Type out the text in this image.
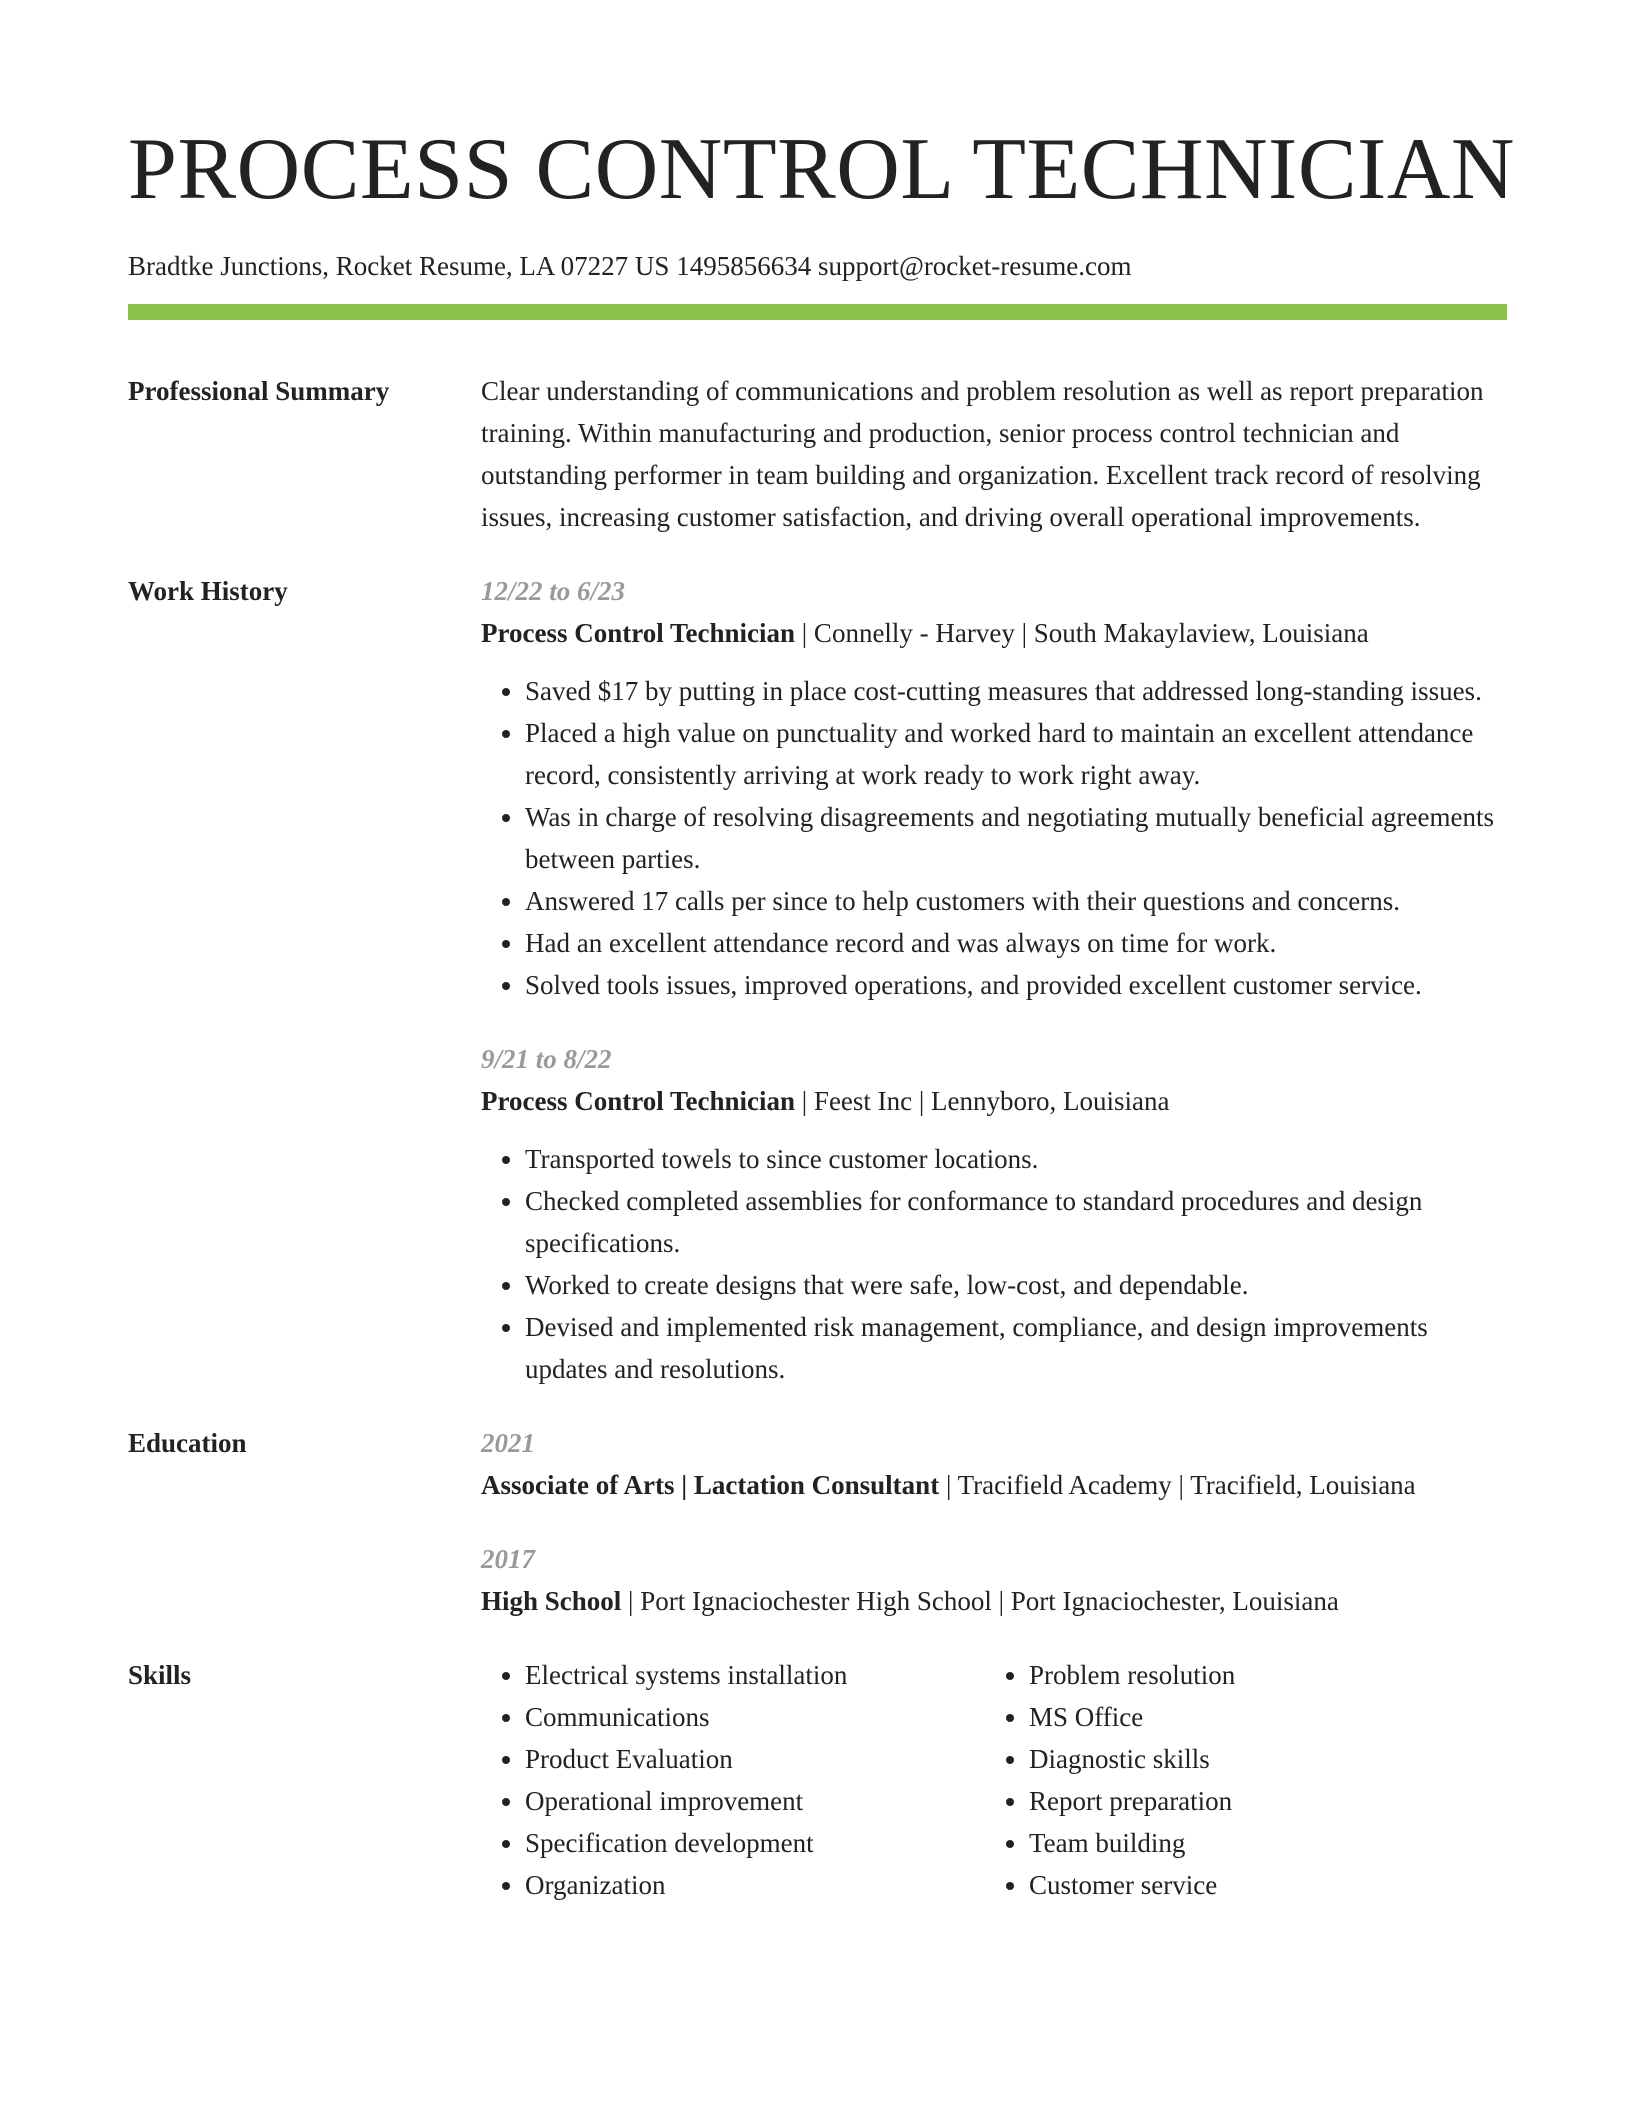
PROCESS CONTROL TECHNICIAN
Bradtke Junctions, Rocket Resume, LA 07227 US 1495856634 support@rocket-resume.com
Professional Summary	Clear understanding of communications and problem resolution as well as report preparation training. Within manufacturing and production, senior process control technician and outstanding performer in team building and organization. Excellent track record of resolving issues, increasing customer satisfaction, and driving overall operational improvements.
Work History	12/22 to 6/23
Process Control Technician | Connelly - Harvey | South Makaylaview, Louisiana
• Saved $17 by putting in place cost-cutting measures that addressed long-standing issues.
• Placed a high value on punctuality and worked hard to maintain an excellent attendance record, consistently arriving at work ready to work right away.
• Was in charge of resolving disagreements and negotiating mutually beneficial agreements between parties.
• Answered 17 calls per since to help customers with their questions and concerns.
• Had an excellent attendance record and was always on time for work.
• Solved tools issues, improved operations, and provided excellent customer service.
9/21 to 8/22
Process Control Technician | Feest Inc | Lennyboro, Louisiana
• Transported towels to since customer locations.
• Checked completed assemblies for conformance to standard procedures and design specifications.
• Worked to create designs that were safe, low-cost, and dependable.
• Devised and implemented risk management, compliance, and design improvements updates and resolutions.
Education	2021
Associate of Arts | Lactation Consultant | Tracifield Academy | Tracifield, Louisiana
2017
High School | Port Ignaciochester High School | Port Ignaciochester, Louisiana
Skills
•	Electrical systems installation
• Communications
• Product Evaluation
• Operational improvement
• Specification development
• Organization
• Problem resolution
• MS Office
• Diagnostic skills
• Report preparation
• Team building
• Customer service
